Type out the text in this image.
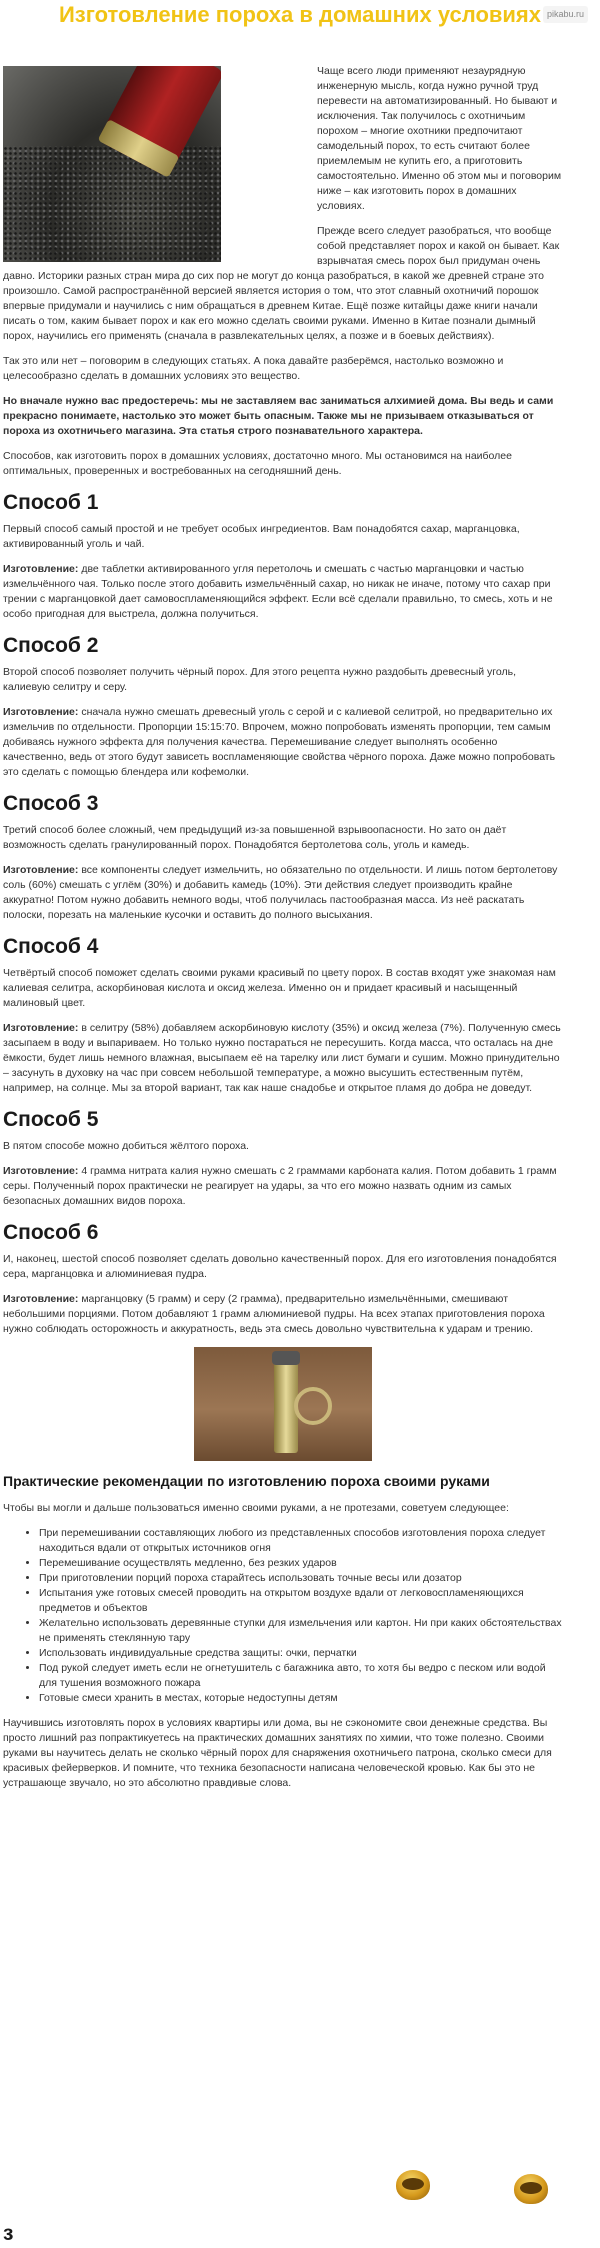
Изготовление пороха в домашних условиях

Чаще всего люди применяют незаурядную инженерную мысль, когда нужно ручной труд перевести на автоматизированный. Но бывают и исключения. Так получилось с охотничьим порохом – многие охотники предпочитают самодельный порох, то есть считают более приемлемым не купить его, а приготовить самостоятельно. Именно об этом мы и поговорим ниже – как изготовить порох в домашних условиях.

Прежде всего следует разобраться, что вообще собой представляет порох и какой он бывает. Как взрывчатая смесь порох был придуман очень давно. Историки разных стран мира до сих пор не могут до конца разобраться, в какой же древней стране это произошло. Самой распространённой версией является история о том, что этот славный охотничий порошок впервые придумали и научились с ним обращаться в древнем Китае. Ещё позже китайцы даже книги начали писать о том, каким бывает порох и как его можно сделать своими руками. Именно в Китае познали дымный порох, научились его применять (сначала в развлекательных целях, а позже и в боевых действиях).

Так это или нет – поговорим в следующих статьях. А пока давайте разберёмся, настолько возможно и целесообразно сделать в домашних условиях это вещество.

Но вначале нужно вас предостеречь: мы не заставляем вас заниматься алхимией дома. Вы ведь и сами прекрасно понимаете, настолько это может быть опасным. Также мы не призываем отказываться от пороха из охотничьего магазина. Эта статья строго познавательного характера.

Способов, как изготовить порох в домашних условиях, достаточно много. Мы остановимся на наиболее оптимальных, проверенных и востребованных на сегодняшний день.

Способ 1

Первый способ самый простой и не требует особых ингредиентов. Вам понадобятся сахар, марганцовка, активированный уголь и чай.

Изготовление: две таблетки активированного угля перетолочь и смешать с частью марганцовки и частью измельчённого чая. Только после этого добавить измельчённый сахар, но никак не иначе, потому что сахар при трении с марганцовкой дает самовоспламеняющийся эффект. Если всё сделали правильно, то смесь, хоть и не особо пригодная для выстрела, должна получиться.

Способ 2

Второй способ позволяет получить чёрный порох. Для этого рецепта нужно раздобыть древесный уголь, калиевую селитру и серу.

Изготовление: сначала нужно смешать древесный уголь с серой и с калиевой селитрой, но предварительно их измельчив по отдельности. Пропорции 15:15:70. Впрочем, можно попробовать изменять пропорции, тем самым добиваясь нужного эффекта для получения качества. Перемешивание следует выполнять особенно качественно, ведь от этого будут зависеть воспламеняющие свойства чёрного пороха. Даже можно попробовать это сделать с помощью блендера или кофемолки.

Способ 3

Третий способ более сложный, чем предыдущий из-за повышенной взрывоопасности. Но зато он даёт возможность сделать гранулированный порох. Понадобятся бертолетова соль, уголь и камедь.

Изготовление: все компоненты следует измельчить, но обязательно по отдельности. И лишь потом бертолетову соль (60%) смешать с углём (30%) и добавить камедь (10%). Эти действия следует производить крайне аккуратно! Потом нужно добавить немного воды, чтоб получилась пастообразная масса. Из неё раскатать полоски, порезать на маленькие кусочки и оставить до полного высыхания.

Способ 4

Четвёртый способ поможет сделать своими руками красивый по цвету порох. В состав входят уже знакомая нам калиевая селитра, аскорбиновая кислота и оксид железа. Именно он и придает красивый и насыщенный малиновый цвет.

Изготовление: в селитру (58%) добавляем аскорбиновую кислоту (35%) и оксид железа (7%). Полученную смесь засыпаем в воду и выпариваем. Но только нужно постараться не пересушить. Когда масса, что осталась на дне ёмкости, будет лишь немного влажная, высыпаем её на тарелку или лист бумаги и сушим. Можно принудительно – засунуть в духовку на час при совсем небольшой температуре, а можно высушить естественным путём, например, на солнце. Мы за второй вариант, так как наше снадобье и открытое пламя до добра не доведут.

Способ 5

В пятом способе можно добиться жёлтого пороха.

Изготовление: 4 грамма нитрата калия нужно смешать с 2 граммами карбоната калия. Потом добавить 1 грамм серы. Полученный порох практически не реагирует на удары, за что его можно назвать одним из самых безопасных домашних видов пороха.

Способ 6

И, наконец, шестой способ позволяет сделать довольно качественный порох. Для его изготовления понадобятся сера, марганцовка и алюминиевая пудра.

Изготовление: марганцовку (5 грамм) и серу (2 грамма), предварительно измельчёнными, смешивают небольшими порциями. Потом добавляют 1 грамм алюминиевой пудры. На всех этапах приготовления пороха нужно соблюдать осторожность и аккуратность, ведь эта смесь довольно чувствительна к ударам и трению.

Практические рекомендации по изготовлению пороха своими руками

Чтобы вы могли и дальше пользоваться именно своими руками, а не протезами, советуем следующее:

• При перемешивании составляющих любого из представленных способов изготовления пороха следует находиться вдали от открытых источников огня
• Перемешивание осуществлять медленно, без резких ударов
• При приготовлении порций пороха старайтесь использовать точные весы или дозатор
• Испытания уже готовых смесей проводить на открытом воздухе вдали от легковоспламеняющихся предметов и объектов
• Желательно использовать деревянные ступки для измельчения или картон. Ни при каких обстоятельствах не применять стеклянную тару
• Использовать индивидуальные средства защиты: очки, перчатки
• Под рукой следует иметь если не огнетушитель с багажника авто, то хотя бы ведро с песком или водой для тушения возможного пожара
• Готовые смеси хранить в местах, которые недоступны детям

Научившись изготовлять порох в условиях квартиры или дома, вы не сэкономите свои денежные средства. Вы просто лишний раз попрактикуетесь на практических домашних занятиях по химии, что тоже полезно. Своими руками вы научитесь делать не сколько чёрный порох для снаряжения охотничьего патрона, сколько смеси для красивых фейерверков. И помните, что техника безопасности написана человеческой кровью. Как бы это не устрашающе звучало, но это абсолютно правдивые слова.

з
pikabu.ru
